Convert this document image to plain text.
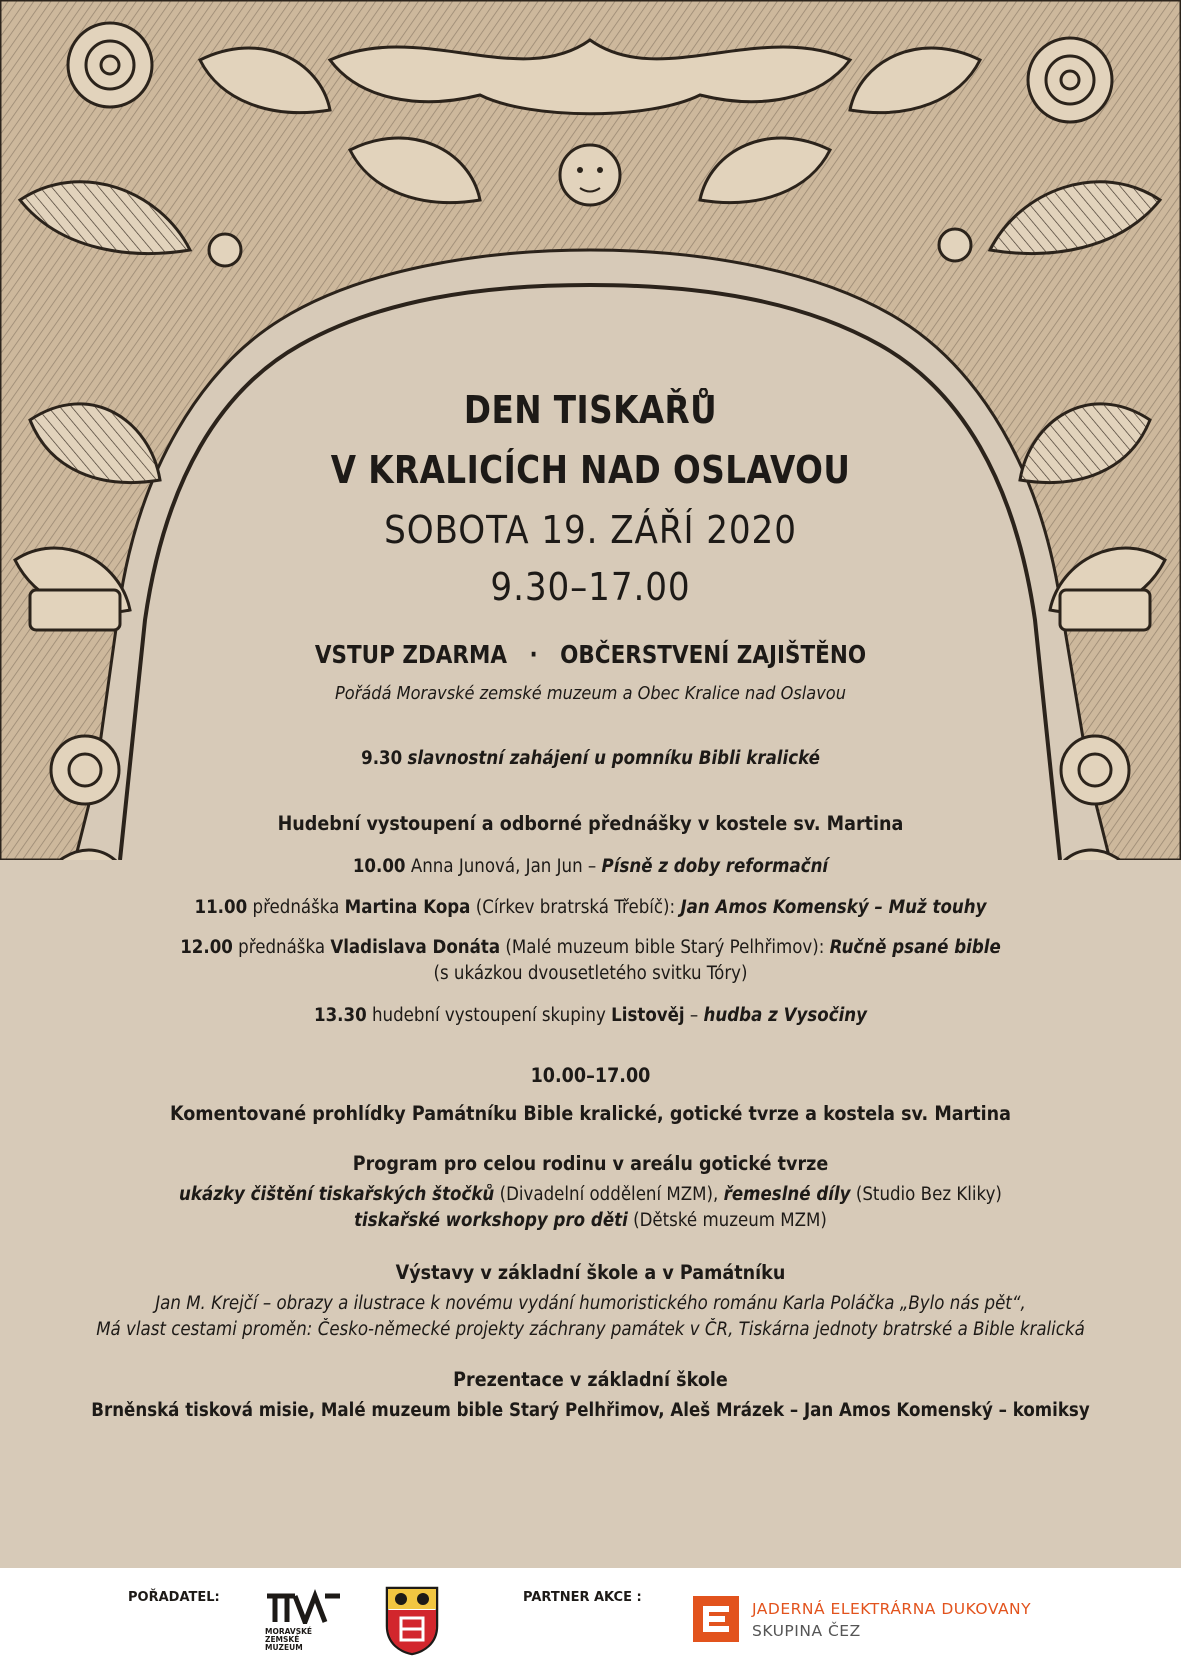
DEN TISKAŘŮ
V KRALICÍCH NAD OSLAVOU
SOBOTA 19. ZÁŘÍ 2020
9.30–17.00
VSTUP ZDARMA · OBČERSTVENÍ ZAJIŠTĚNO
Pořádá Moravské zemské muzeum a Obec Kralice nad Oslavou
9.30 slavnostní zahájení u pomníku Bibli kralické
Hudební vystoupení a odborné přednášky v kostele sv. Martina
10.00 Anna Junová, Jan Jun – Písně z doby reformační
11.00 přednáška Martina Kopa (Církev bratrská Třebíč): Jan Amos Komenský – Muž touhy
12.00 přednáška Vladislava Donáta (Malé muzeum bible Starý Pelhřimov): Ručně psané bible
(s ukázkou dvousetletého svitku Tóry)
13.30 hudební vystoupení skupiny Listověj – hudba z Vysočiny
10.00–17.00
Komentované prohlídky Památníku Bible kralické, gotické tvrze a kostela sv. Martina
Program pro celou rodinu v areálu gotické tvrze
ukázky čištění tiskařských štočků (Divadelní oddělení MZM), řemeslné díly (Studio Bez Kliky)
tiskařské workshopy pro děti (Dětské muzeum MZM)
Výstavy v základní škole a v Památníku
Jan M. Krejčí – obrazy a ilustrace k novému vydání humoristického románu Karla Poláčka „Bylo nás pět“,
Má vlast cestami proměn: Česko-německé projekty záchrany památek v ČR, Tiskárna jednoty bratrské a Bible kralická
Prezentace v základní škole
Brněnská tisková misie, Malé muzeum bible Starý Pelhřimov, Aleš Mrázek – Jan Amos Komenský – komiksy
POŘADATEL:
MORAVSKÉ
ZEMSKÉ
MUZEUM
PARTNER AKCE :
JADERNÁ ELEKTRÁRNA DUKOVANY
SKUPINA ČEZ
